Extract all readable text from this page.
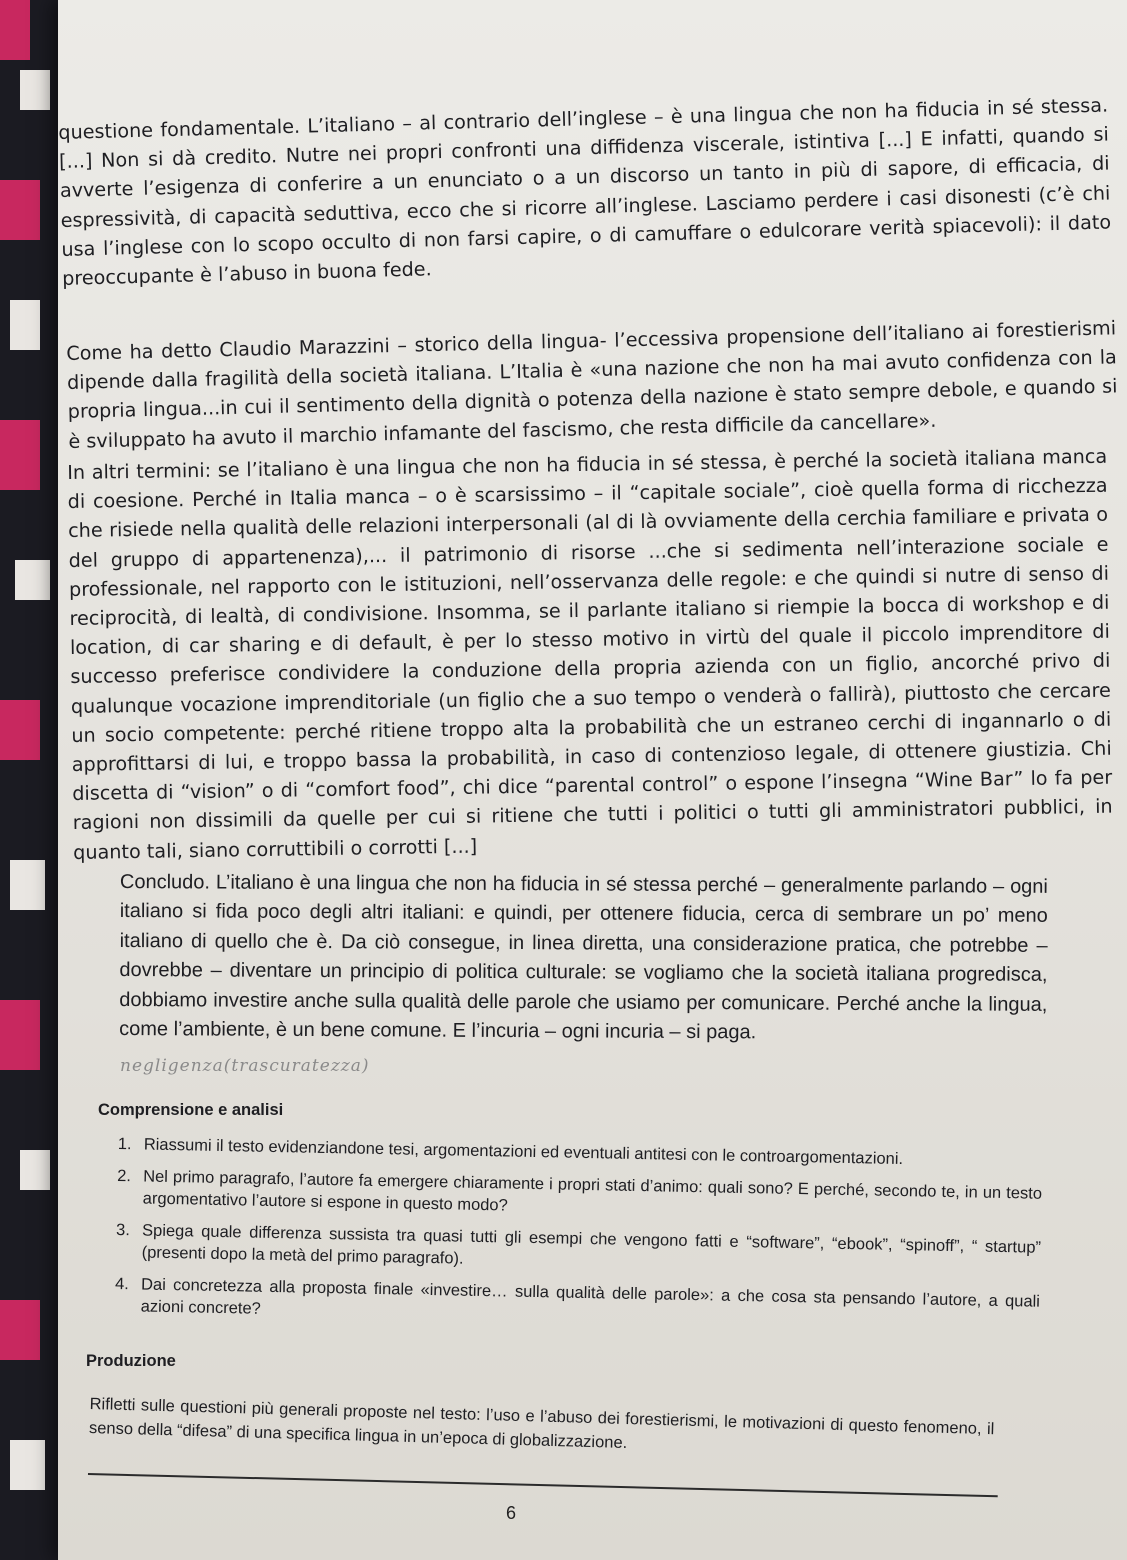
questione fondamentale. L’italiano – al contrario dell’inglese – è una lingua che non ha fiducia in sé stessa. [...] Non si dà credito. Nutre nei propri confronti una diffidenza viscerale, istintiva [...] E infatti, quando si avverte l’esigenza di conferire a un enunciato o a un discorso un tanto in più di sapore, di efficacia, di espressività, di capacità seduttiva, ecco che si ricorre all’inglese. Lasciamo perdere i casi disonesti (c’è chi usa l’inglese con lo scopo occulto di non farsi capire, o di camuffare o edulcorare verità spiacevoli): il dato preoccupante è l’abuso in buona fede.
Come ha detto Claudio Marazzini – storico della lingua- l’eccessiva propensione dell’italiano ai forestierismi dipende dalla fragilità della società italiana. L’Italia è «una nazione che non ha mai avuto confidenza con la propria lingua...in cui il sentimento della dignità o potenza della nazione è stato sempre debole, e quando si è sviluppato ha avuto il marchio infamante del fascismo, che resta difficile da cancellare».
In altri termini: se l’italiano è una lingua che non ha fiducia in sé stessa, è perché la società italiana manca di coesione. Perché in Italia manca – o è scarsissimo – il “capitale sociale”, cioè quella forma di ricchezza che risiede nella qualità delle relazioni interpersonali (al di là ovviamente della cerchia familiare e privata o del gruppo di appartenenza),... il patrimonio di risorse ...che si sedimenta nell’interazione sociale e professionale, nel rapporto con le istituzioni, nell’osservanza delle regole: e che quindi si nutre di senso di reciprocità, di lealtà, di condivisione. Insomma, se il parlante italiano si riempie la bocca di workshop e di location, di car sharing e di default, è per lo stesso motivo in virtù del quale il piccolo imprenditore di successo preferisce condividere la conduzione della propria azienda con un figlio, ancorché privo di qualunque vocazione imprenditoriale (un figlio che a suo tempo o venderà o fallirà), piuttosto che cercare un socio competente: perché ritiene troppo alta la probabilità che un estraneo cerchi di ingannarlo o di approfittarsi di lui, e troppo bassa la probabilità, in caso di contenzioso legale, di ottenere giustizia. Chi discetta di “vision” o di “comfort food”, chi dice “parental control” o espone l’insegna “Wine Bar” lo fa per ragioni non dissimili da quelle per cui si ritiene che tutti i politici o tutti gli amministratori pubblici, in quanto tali, siano corruttibili o corrotti [...]
Concludo. L’italiano è una lingua che non ha fiducia in sé stessa perché – generalmente parlando – ogni italiano si fida poco degli altri italiani: e quindi, per ottenere fiducia, cerca di sembrare un po’ meno italiano di quello che è. Da ciò consegue, in linea diretta, una considerazione pratica, che potrebbe – dovrebbe – diventare un principio di politica culturale: se vogliamo che la società italiana progredisca, dobbiamo investire anche sulla qualità delle parole che usiamo per comunicare. Perché anche la lingua, come l’ambiente, è un bene comune. E l’incuria – ogni incuria – si paga.
negligenza(trascuratezza)
Comprensione e analisi
1. Riassumi il testo evidenziandone tesi, argomentazioni ed eventuali antitesi con le controargomentazioni.
2. Nel primo paragrafo, l’autore fa emergere chiaramente i propri stati d’animo: quali sono? E perché, secondo te, in un testo argomentativo l’autore si espone in questo modo?
3. Spiega quale differenza sussista tra quasi tutti gli esempi che vengono fatti e “software”, “ebook”, “spinoff”, “ startup” (presenti dopo la metà del primo paragrafo).
4. Dai concretezza alla proposta finale «investire… sulla qualità delle parole»: a che cosa sta pensando l’autore, a quali azioni concrete?
Produzione
Rifletti sulle questioni più generali proposte nel testo: l’uso e l’abuso dei forestierismi, le motivazioni di questo fenomeno, il senso della “difesa” di una specifica lingua in un’epoca di globalizzazione.
6
